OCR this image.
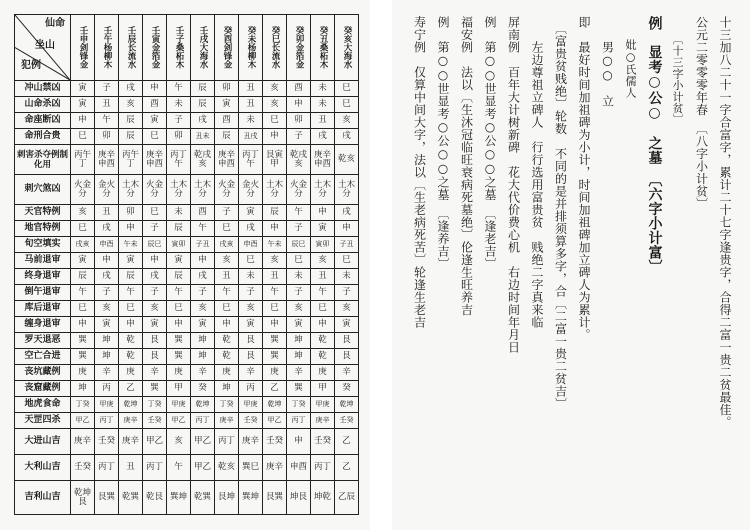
仙命
坐山
犯例	壬申剑锋金	壬午杨柳木	壬辰长流水	壬寅金箔金	壬子桑柘木	壬戌大海水	癸酉剑锋金	癸未杨柳木	癸巳长流水	癸卯金箔金	癸丑桑柘木	癸亥大海水
冲山禁凶	寅	子	戌	申	午	辰	卯	丑	亥	酉	未	巳
山命杀凶	寅	丑	亥	酉	未	辰	寅	丑	亥	申	未	巳
命座断凶	申	午	辰	寅	子	戌	酉	未	巳	卯	丑	亥
命刑合贵	巳	卯	辰	巳	卯	丑未	辰	丑戌	申	子	戌	戌
刺害杀夺例制化用	丙午丁	庚辛申酉	丙午丁	庚辛申酉	丙丁午	乾戌亥	庚辛申酉	丙丁午	艮寅甲	乾戌亥	庚辛申酉	乾亥
刺穴煞凶	火金分	金火分	土木分	火金分	土木分	土木分	火金分	金火分	土木分	火金分	土木分	土木分
天官特例	亥	丑	卯	巳	未	酉	子	寅	辰	午	申	戌
地官特例	巳	戌	申	子	辰	午	巳	戌	申	子	寅	申
旬空填实	戌亥	申酉	午未	辰巳	寅卯	子丑	戌亥	申酉	午未	辰巳	寅卯	子丑
马前退审	寅	申	寅	申	寅	申	亥	巳	亥	巳	亥	巳
终身退审	辰	戌	辰	戌	辰	戌	丑	未	丑	未	丑	未
倒午退审	午	子	午	子	午	子	午	子	午	子	午	子
库后退审	巳	亥	巳	亥	巳	亥	巳	亥	巳	亥	巳	亥
缠身退审	申	寅	申	寅	申	寅	申	寅	申	寅	申	寅
罗天退恶	巽	坤	乾	艮	巽	坤	乾	艮	巽	坤	乾	艮
空亡合进	巽	坤	乾	艮	巽	坤	乾	艮	巽	坤	乾	艮
丧坑藏例	庚	辛	庚	辛	庚	辛	庚	辛	庚	辛	庚	辛
丧窟藏例	坤	丙	乙	巽	甲	癸	坤	丙	乙	巽	甲	癸
地虎食命	丁癸	甲庚	乾坤	丁癸	甲庚	乾坤	丁癸	甲庚	乾坤	丁癸	甲庚	乾坤
天罡四杀	甲乙	丙丁	庚辛	壬癸	甲乙	丙丁	庚辛	壬癸	甲乙	丙丁	庚辛	壬癸
大进山吉	庚辛	壬癸	庚辛	甲乙	亥	甲乙	丙丁	庚辛	壬癸	申	壬癸	乙
大利山吉	壬癸	丙丁	丑	丙丁	午	甲乙	乾亥	巽巳	庚辛	申酉	丙丁	乙
吉利山吉	乾坤艮	艮巽	乾巽	乾艮	巽坤	乾巽	艮坤	巽坤	艮巽	坤艮	坤乾	乙辰
十三加八二十一字合富字，累计二十七字逢贵字，合得二富一贵二贫最佳。
公元二零零零年春　〔八字小计贫〕
　　〔十三字小计贫〕
例　显考○公○　之墓　〔六字小计富〕
　　妣○氏儒人
　　男○○　立
即　最好时间加祖碑为小计，时间加祖碑加立碑人为累计。
　〔富贵贫贱绝〕轮数　不同的是并排须算多字，合〔二富一贵二贫吉〕
　　左边尊祖立碑人　行行选用富贵贫　贱绝二字真来临
屏南例　百年大计树新碑　花大代价费心机　右边时间年月日
例　第○○世显考○公○○之墓　〔逢老吉〕
福安例　法以〔生沐冠临旺衰病死墓绝〕伦逢生旺养吉
例　第○○世显考○公○○之墓　〔逢养吉〕
寿宁例　仅算中间大字，法以〔生老病死苦〕轮逢生老吉
